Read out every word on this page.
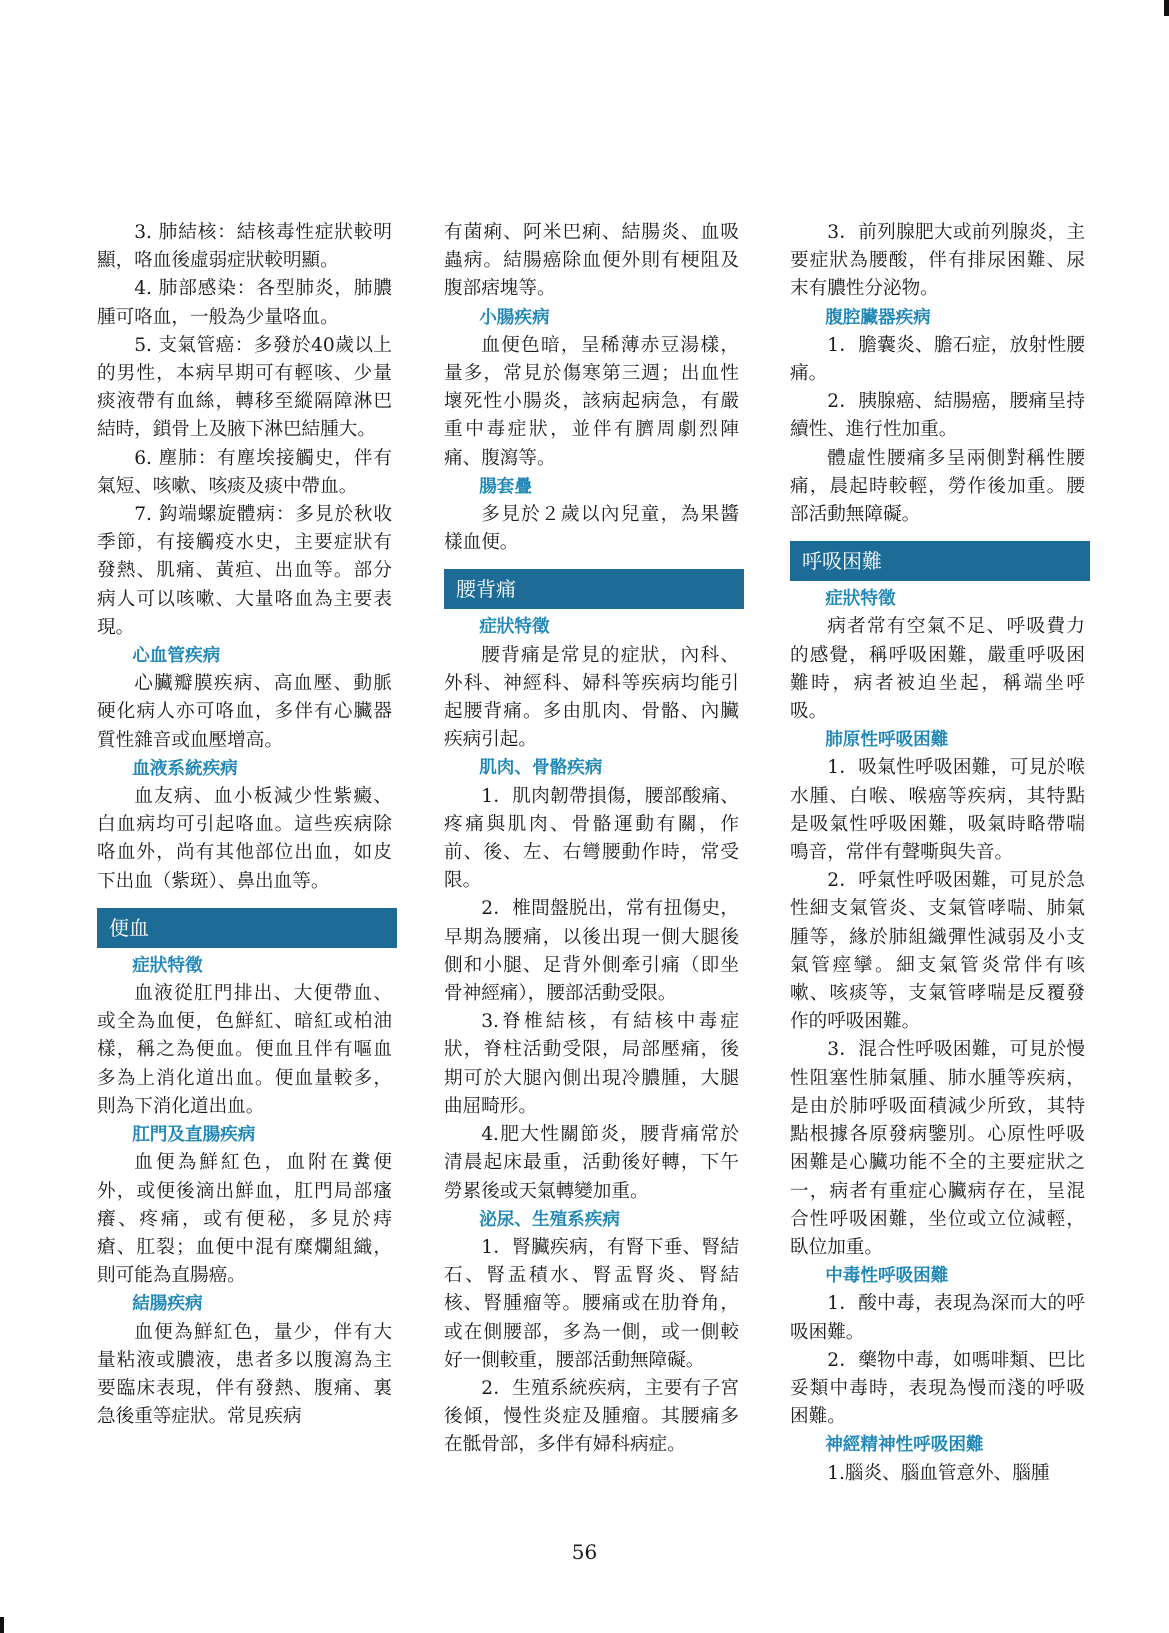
3. 肺結核：結核毒性症狀較明顯，咯血後虛弱症狀較明顯。

4. 肺部感染：各型肺炎，肺膿腫可咯血，一般為少量咯血。

5. 支氣管癌：多發於40歲以上的男性，本病早期可有輕咳、少量痰液帶有血絲，轉移至縱隔障淋巴結時，鎖骨上及腋下淋巴結腫大。

6. 塵肺：有塵埃接觸史，伴有氣短、咳嗽、咳痰及痰中帶血。

7. 鈎端螺旋體病：多見於秋收季節，有接觸疫水史，主要症狀有發熱、肌痛、黃疸、出血等。部分病人可以咳嗽、大量咯血為主要表現。

心血管疾病

心臟瓣膜疾病、高血壓、動脈硬化病人亦可咯血，多伴有心臟器質性雜音或血壓增高。

血液系統疾病

血友病、血小板減少性紫癜、白血病均可引起咯血。這些疾病除咯血外，尚有其他部位出血，如皮下出血（紫斑）、鼻出血等。

便血
症狀特徵

血液從肛門排出、大便帶血、或全為血便，色鮮紅、暗紅或柏油樣，稱之為便血。便血且伴有嘔血多為上消化道出血。便血量較多，則為下消化道出血。

肛門及直腸疾病

血便為鮮紅色，血附在糞便外，或便後滴出鮮血，肛門局部瘙癢、疼痛，或有便秘，多見於痔瘡、肛裂；血便中混有糜爛組織，則可能為直腸癌。

結腸疾病

血便為鮮紅色，量少，伴有大量粘液或膿液，患者多以腹瀉為主要臨床表現，伴有發熱、腹痛、裏急後重等症狀。常見疾病

有菌痢、阿米巴痢、結腸炎、血吸蟲病。結腸癌除血便外則有梗阻及腹部痞塊等。

小腸疾病

血便色暗，呈稀薄赤豆湯樣，量多，常見於傷寒第三週；出血性壞死性小腸炎，該病起病急，有嚴重中毒症狀，並伴有臍周劇烈陣痛、腹瀉等。

腸套疊

多見於２歲以內兒童，為果醬樣血便。

腰背痛
症狀特徵

腰背痛是常見的症狀，內科、外科、神經科、婦科等疾病均能引起腰背痛。多由肌肉、骨骼、內臟疾病引起。

肌肉、骨骼疾病

1．肌肉韌帶損傷，腰部酸痛、疼痛與肌肉、骨骼運動有關，作前、後、左、右彎腰動作時，常受限。

2．椎間盤脱出，常有扭傷史，早期為腰痛，以後出現一側大腿後側和小腿、足背外側牽引痛（即坐骨神經痛），腰部活動受限。

3.脊椎結核，有結核中毒症狀，脊柱活動受限，局部壓痛，後期可於大腿內側出現冷膿腫，大腿曲屈畸形。

4.肥大性關節炎，腰背痛常於清晨起床最重，活動後好轉，下午勞累後或天氣轉變加重。

泌尿、生殖系疾病

1．腎臟疾病，有腎下垂、腎結石、腎盂積水、腎盂腎炎、腎結核、腎腫瘤等。腰痛或在肋脊角，或在側腰部，多為一側，或一側較好一側較重，腰部活動無障礙。

2．生殖系統疾病，主要有子宮後傾，慢性炎症及腫瘤。其腰痛多在骶骨部，多伴有婦科病症。

3．前列腺肥大或前列腺炎，主要症狀為腰酸，伴有排尿困難、尿末有膿性分泌物。

腹腔臟器疾病

1．膽囊炎、膽石症，放射性腰痛。

2．胰腺癌、結腸癌，腰痛呈持續性、進行性加重。

體虛性腰痛多呈兩側對稱性腰痛，晨起時較輕，勞作後加重。腰部活動無障礙。

呼吸困難
症狀特徵

病者常有空氣不足、呼吸費力的感覺，稱呼吸困難，嚴重呼吸困難時，病者被迫坐起，稱端坐呼吸。

肺原性呼吸困難

1．吸氣性呼吸困難，可見於喉水腫、白喉、喉癌等疾病，其特點是吸氣性呼吸困難，吸氣時略帶喘鳴音，常伴有聲嘶與失音。

2．呼氣性呼吸困難，可見於急性細支氣管炎、支氣管哮喘、肺氣腫等，緣於肺組織彈性減弱及小支氣管痙攣。細支氣管炎常伴有咳嗽、咳痰等，支氣管哮喘是反覆發作的呼吸困難。

3．混合性呼吸困難，可見於慢性阻塞性肺氣腫、肺水腫等疾病，是由於肺呼吸面積減少所致，其特點根據各原發病鑒別。心原性呼吸困難是心臟功能不全的主要症狀之一，病者有重症心臟病存在，呈混合性呼吸困難，坐位或立位減輕，臥位加重。

中毒性呼吸困難

1．酸中毒，表現為深而大的呼吸困難。

2．藥物中毒，如嗎啡類、巴比妥類中毒時，表現為慢而淺的呼吸困難。

神經精神性呼吸困難

1.腦炎、腦血管意外、腦腫

56
